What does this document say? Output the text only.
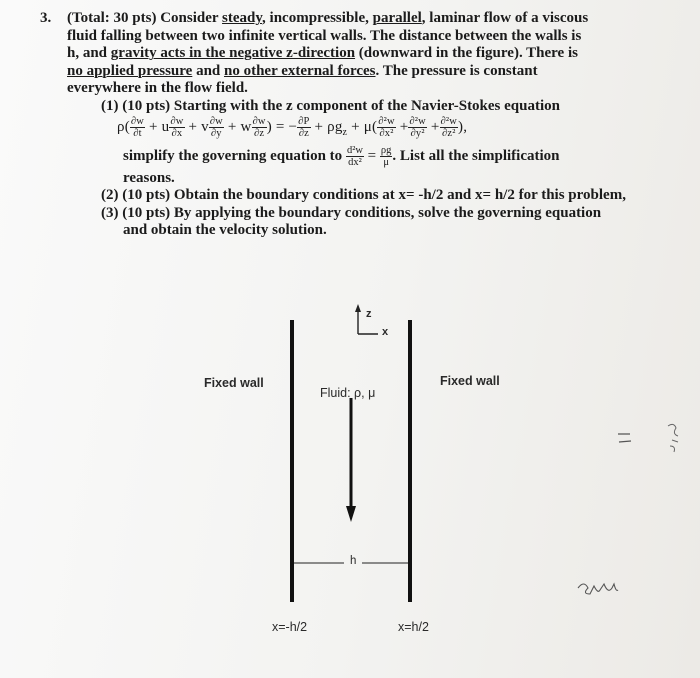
3. (Total: 30 pts) Consider steady, incompressible, parallel, laminar flow of a viscous
fluid falling between two infinite vertical walls. The distance between the walls is
h, and gravity acts in the negative z-direction (downward in the figure). There is
no applied pressure and no other external forces. The pressure is constant
everywhere in the flow field.
(1) (10 pts) Starting with the z component of the Navier-Stokes equation
$\rho( \frac{\partial w}{\partial t} + u \frac{\partial w}{\partial x} + v \frac{\partial w}{\partial y} + w \frac{\partial w}{\partial z}$ ) = − $\frac{\partial P}{\partial z} + \rho g_z + \mu( \frac{\text{∂²w}}{\text{∂x²}} + \frac{\text{∂²w}}{\text{∂y²}} + \frac{\text{∂²w}}{\text{∂z²}}$ ),
simplify the governing equation to $\frac{\text{d²w}}{\text{dx²}} = \frac{\rho g}{\mu}$ . List all the simplification
reasons.
(2) (10 pts) Obtain the boundary conditions at x= -h/2 and x= h/2 for this problem,
(3) (10 pts) By applying the boundary conditions, solve the governing equation
and obtain the velocity solution.
z
x
Fixed wall	Fixed wall
Fluid: ρ, μ
h
x=-h/2	x=h/2
